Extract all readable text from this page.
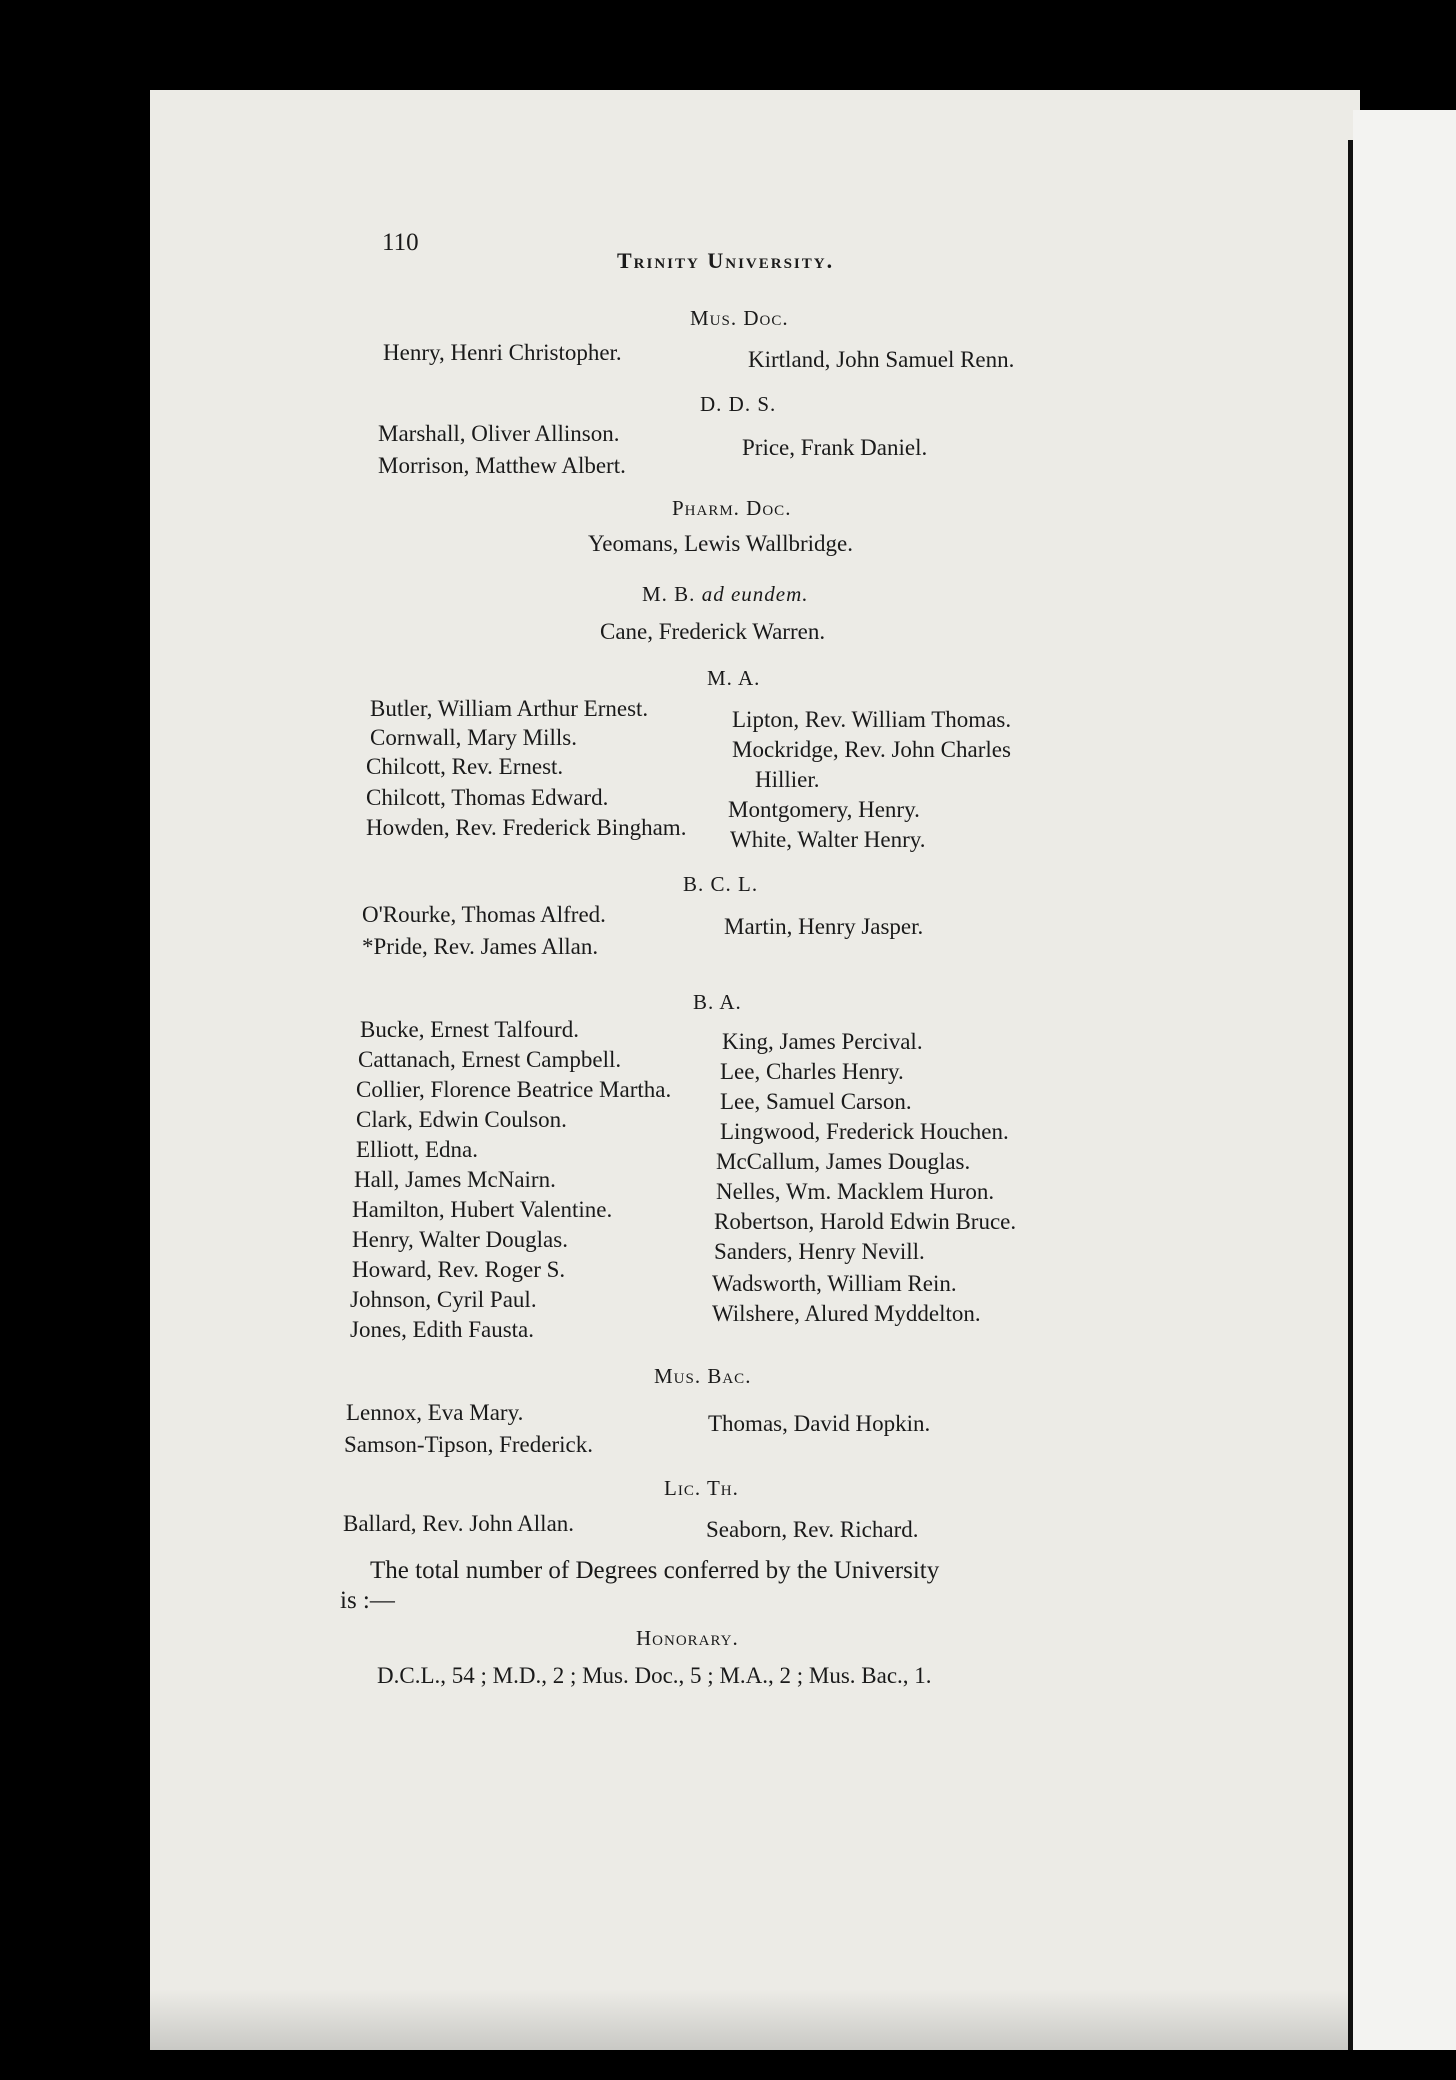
110
Trinity University.
Mus. Doc.
Henry, Henri Christopher.	Kirtland, John Samuel Renn.
D. D. S.
Marshall, Oliver Allinson.
Morrison, Matthew Albert.
Price, Frank Daniel.
Pharm. Doc.
Yeomans, Lewis Wallbridge.
M. B. ad eundem.
Cane, Frederick Warren.
M. A.
Butler, William Arthur Ernest.
Cornwall, Mary Mills.
Chilcott, Rev. Ernest.
Chilcott, Thomas Edward.
Howden, Rev. Frederick Bingham.
Lipton, Rev. William Thomas.
Mockridge, Rev. John Charles
Hillier.
Montgomery, Henry.
White, Walter Henry.
B. C. L.
O'Rourke, Thomas Alfred.
*Pride, Rev. James Allan.
Martin, Henry Jasper.
B. A.
Bucke, Ernest Talfourd.
Cattanach, Ernest Campbell.
Collier, Florence Beatrice Martha.
Clark, Edwin Coulson.
Elliott, Edna.
Hall, James McNairn.
Hamilton, Hubert Valentine.
Henry, Walter Douglas.
Howard, Rev. Roger S.
Johnson, Cyril Paul.
Jones, Edith Fausta.
King, James Percival.
Lee, Charles Henry.
Lee, Samuel Carson.
Lingwood, Frederick Houchen.
McCallum, James Douglas.
Nelles, Wm. Macklem Huron.
Robertson, Harold Edwin Bruce.
Sanders, Henry Nevill.
Wadsworth, William Rein.
Wilshere, Alured Myddelton.
Mus. Bac.
Lennox, Eva Mary.
Samson-Tipson, Frederick.
Thomas, David Hopkin.
Lic. Th.
Ballard, Rev. John Allan.	Seaborn, Rev. Richard.
The total number of Degrees conferred by the University
is :—
Honorary.
D.C.L., 54 ; M.D., 2 ; Mus. Doc., 5 ; M.A., 2 ; Mus. Bac., 1.
